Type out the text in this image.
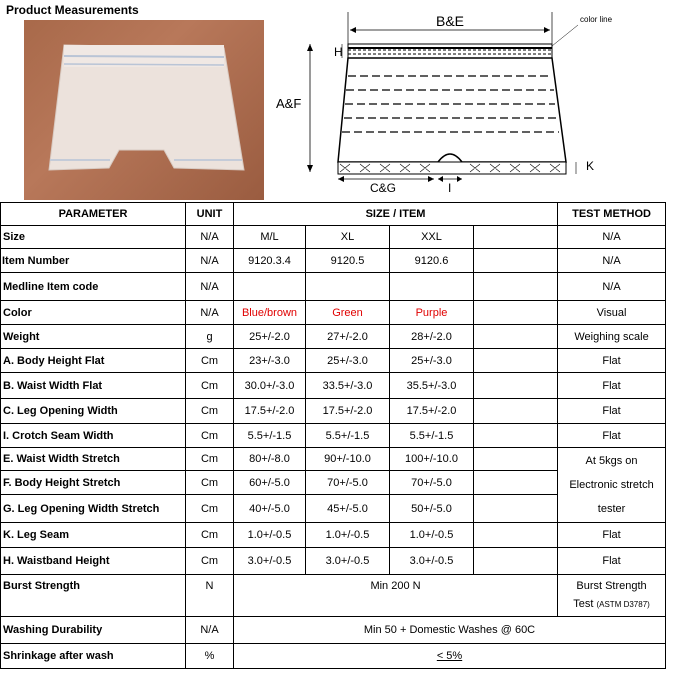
Product Measurements
B&E	color line
H
A&F
K
C&G	I
PARAMETER	UNIT	SIZE / ITEM				TEST METHOD
Size	N/A	M/L	XL	XXL		N/A
Item Number	N/A	9120.3.4	9120.5	9120.6		N/A
Medline Item code	N/A					N/A
Color	N/A	Blue/brown	Green	Purple		Visual
Weight	g	25+/-2.0	27+/-2.0	28+/-2.0		Weighing scale
A. Body Height Flat	Cm	23+/-3.0	25+/-3.0	25+/-3.0		Flat
B. Waist Width Flat	Cm	30.0+/-3.0	33.5+/-3.0	35.5+/-3.0		Flat
C. Leg Opening Width	Cm	17.5+/-2.0	17.5+/-2.0	17.5+/-2.0		Flat
I. Crotch Seam Width	Cm	5.5+/-1.5	5.5+/-1.5	5.5+/-1.5		Flat
E. Waist Width Stretch	Cm	80+/-8.0	90+/-10.0	100+/-10.0		At 5kgs on
Electronic stretch
tester

F. Body Height Stretch	Cm	60+/-5.0	70+/-5.0	70+/-5.0		
G. Leg Opening Width Stretch	Cm	40+/-5.0	45+/-5.0	50+/-5.0		
K. Leg Seam	Cm	1.0+/-0.5	1.0+/-0.5	1.0+/-0.5		Flat
H. Waistband Height	Cm	3.0+/-0.5	3.0+/-0.5	3.0+/-0.5		Flat
Burst Strength	N	Min 200 N				Burst Strength
Test (ASTM D3787)

Washing Durability	N/A	Min 50 + Domestic Washes @ 60C				
Shrinkage after wash	%	< 5%				
